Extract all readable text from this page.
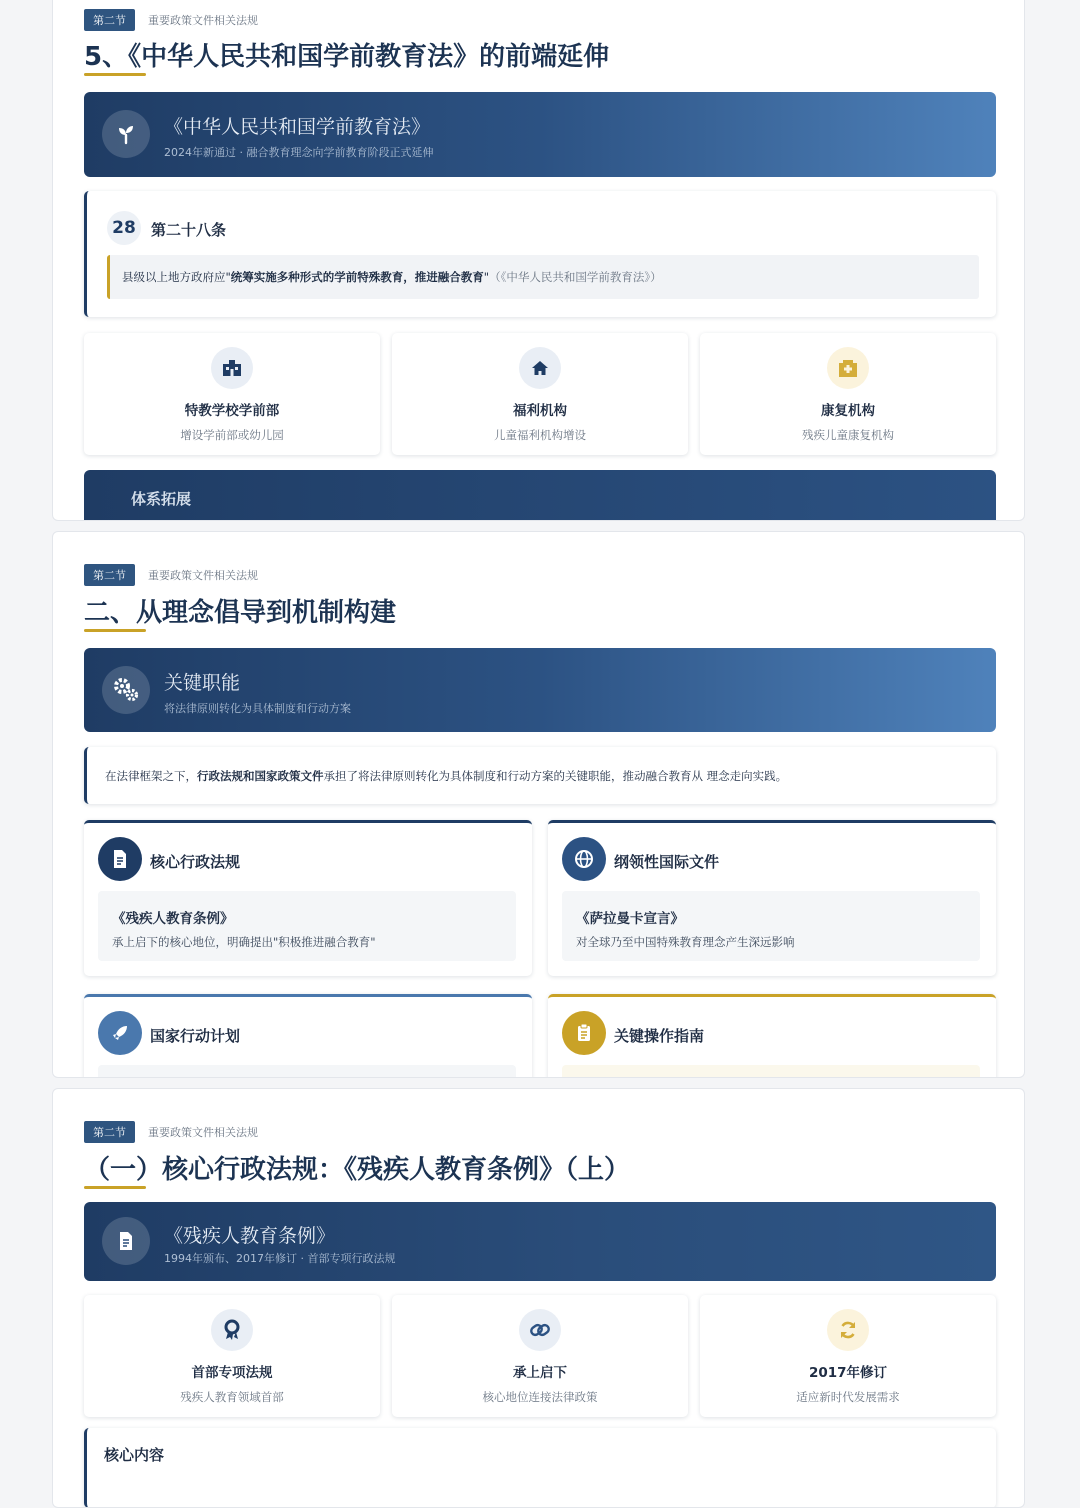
第二节	重要政策文件相关法规
5、《中华人民共和国学前教育法》的前端延伸
《中华人民共和国学前教育法》
2024年新通过 · 融合教育理念向学前教育阶段正式延伸
28	第二十八条
县级以上地方政府应"统筹实施多种形式的学前特殊教育，推进融合教育"（《中华人民共和国学前教育法》）
特教学校学前部
增设学前部或幼儿园
福利机构
儿童福利机构增设
康复机构
残疾儿童康复机构
体系拓展
第二节	重要政策文件相关法规
二、从理念倡导到机制构建
关键职能
将法律原则转化为具体制度和行动方案
在法律框架之下，行政法规和国家政策文件承担了将法律原则转化为具体制度和行动方案的关键职能，推动融合教育从 理念走向实践。
核心行政法规
《残疾人教育条例》
承上启下的核心地位，明确提出"积极推进融合教育"
纲领性国际文件
《萨拉曼卡宣言》
对全球乃至中国特殊教育理念产生深远影响
国家行动计划	关键操作指南
第二节	重要政策文件相关法规
（一）核心行政法规：《残疾人教育条例》（上）
《残疾人教育条例》
1994年颁布、2017年修订 · 首部专项行政法规
首部专项法规
残疾人教育领域首部
承上启下
核心地位连接法律政策
2017年修订
适应新时代发展需求
核心内容
